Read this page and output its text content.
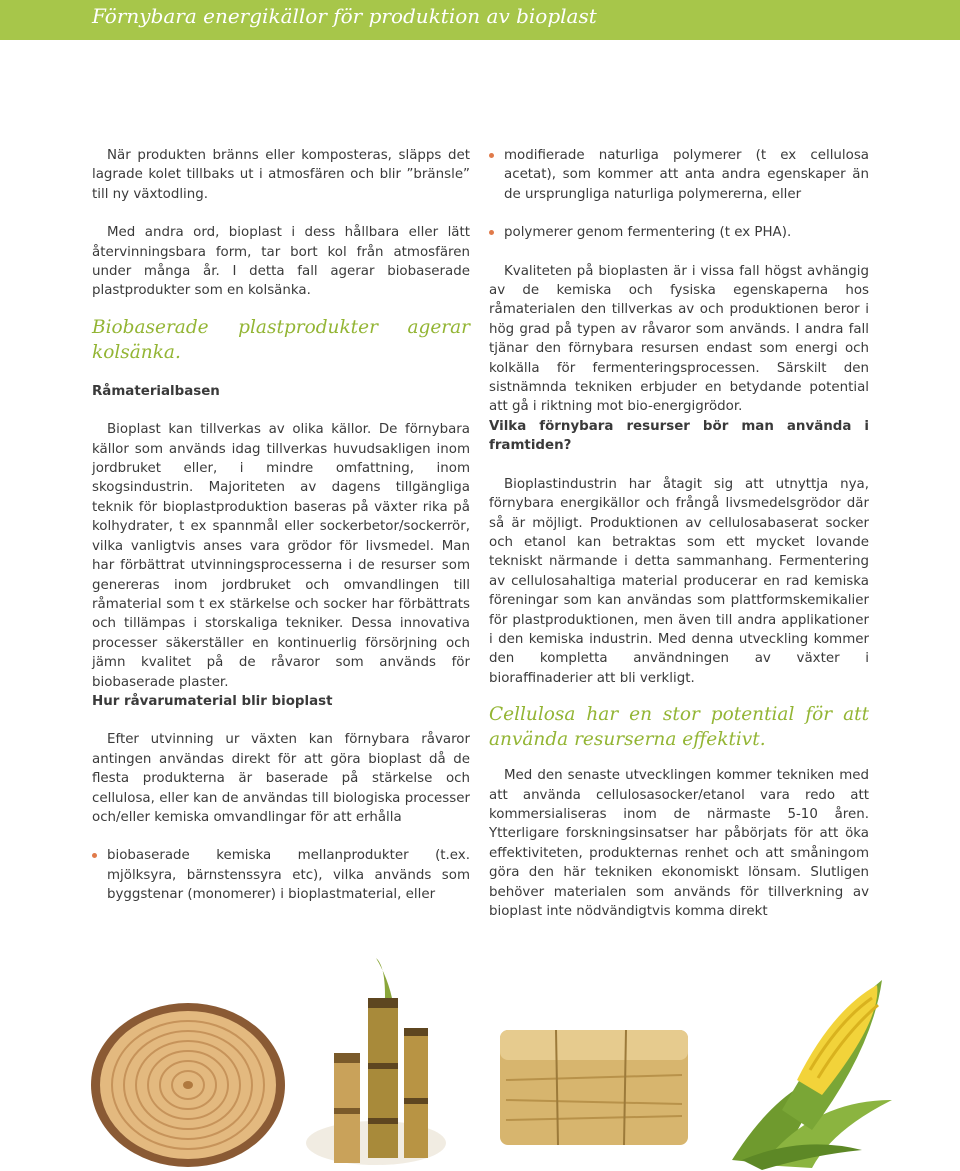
Förnybara energikällor för produktion av bioplast

När produkten bränns eller komposteras, släpps det lagrade kolet tillbaks ut i atmosfären och blir ”bränsle” till ny växtodling.

Med andra ord, bioplast i dess hållbara eller lätt återvinningsbara form, tar bort kol från atmosfären under många år. I detta fall agerar biobaserade plastprodukter som en kolsänka.

Biobaserade plastprodukter agerar kolsänka.

Råmaterialbasen

Bioplast kan tillverkas av olika källor. De förnybara källor som används idag tillverkas huvudsakligen inom jordbruket eller, i mindre omfattning, inom skogsindustrin. Majoriteten av dagens tillgängliga teknik för bioplastproduktion baseras på växter rika på kolhydrater, t ex spannmål eller sockerbetor/sockerrör, vilka vanligtvis anses vara grödor för livsmedel. Man har förbättrat utvinningsprocesserna i de resurser som genereras inom jordbruket och omvandlingen till råmaterial som t ex stärkelse och socker har förbättrats och tillämpas i storskaliga tekniker. Dessa innovativa processer säkerställer en kontinuerlig försörjning och jämn kvalitet på de råvaror som används för biobaserade plaster.

Hur råvarumaterial blir bioplast

Efter utvinning ur växten kan förnybara råvaror antingen användas direkt för att göra bioplast då de flesta produkterna är baserade på stärkelse och cellulosa, eller kan de användas till biologiska processer och/eller kemiska omvandlingar för att erhålla

biobaserade kemiska mellanprodukter (t.ex. mjölksyra, bärnstenssyra etc), vilka används som byggstenar (monomerer) i bioplastmaterial, eller
modifierade naturliga polymerer (t ex cellulosa acetat), som kommer att anta andra egenskaper än de ursprungliga naturliga polymererna, eller
polymerer genom fermentering (t ex PHA).

Kvaliteten på bioplasten är i vissa fall högst avhängig av de kemiska och fysiska egenskaperna hos råmaterialen den tillverkas av och produktionen beror i hög grad på typen av råvaror som används. I andra fall tjänar den förnybara resursen endast som energi och kolkälla för fermenteringsprocessen. Särskilt den sistnämnda tekniken erbjuder en betydande potential att gå i riktning mot bio-energigrödor.

Vilka förnybara resurser bör man använda i framtiden?

Bioplastindustrin har åtagit sig att utnyttja nya, förnybara energikällor och frångå livsmedelsgrödor där så är möjligt. Produktionen av cellulosabaserat socker och etanol kan betraktas som ett mycket lovande tekniskt närmande i detta sammanhang. Fermentering av cellulosahaltiga material producerar en rad kemiska föreningar som kan användas som plattformskemikalier för plastproduktionen, men även till andra applikationer i den kemiska industrin. Med denna utveckling kommer den kompletta användningen av växter i bioraffinaderier att bli verkligt.

Cellulosa har en stor potential för att använda resurserna effektivt.

Med den senaste utvecklingen kommer tekniken med att använda cellulosasocker/etanol vara redo att kommersialiseras inom de närmaste 5-10 åren. Ytterligare forskningsinsatser har påbörjats för att öka effektiviteten, produkternas renhet och att småningom göra den här tekniken ekonomiskt lönsam. Slutligen behöver materialen som används för tillverkning av bioplast inte nödvändigtvis komma direkt
